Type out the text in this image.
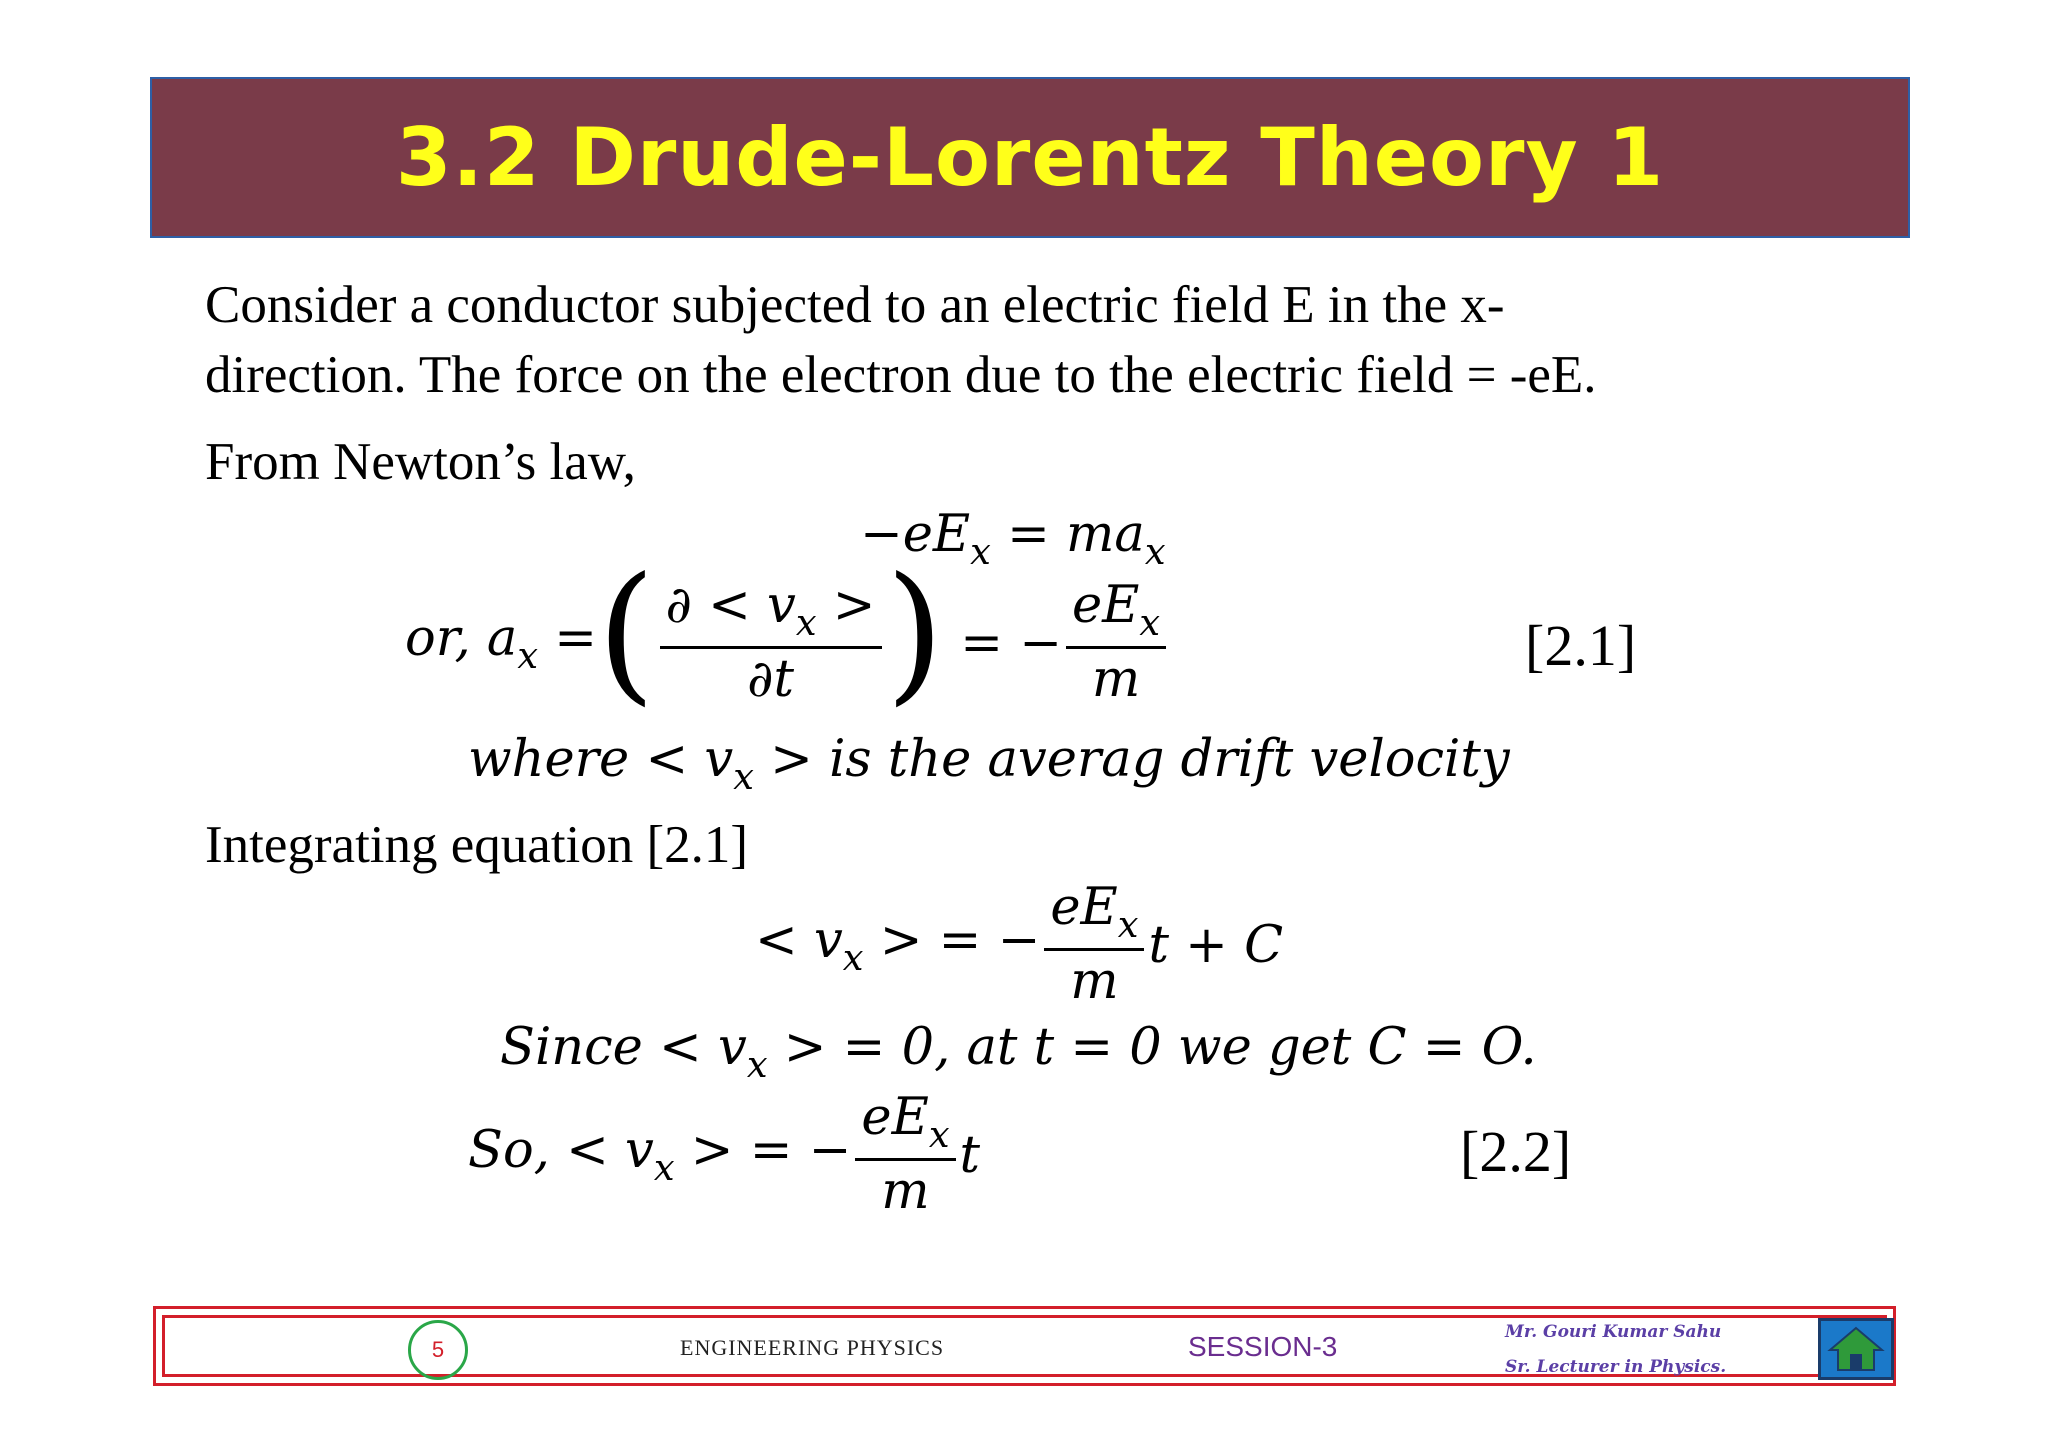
3.2 Drude-Lorentz Theory 1
Consider a conductor subjected to an electric field E in the x-
direction. The force on the electron due to the electric field = -eE.
From Newton’s law,
$-eE_x = ma_x$
or, $a_x$ = ( $\frac{\partial < v_x >}{\partial t}$ ) = − $\frac{eE_x}{m}$	[2.1]
where < $v_x$ > is the averag drift velocity
Integrating equation [2.1]
< $v_x$ > = − $\frac{eE_x}{m}$ t + C
Since < $v_x$ > = 0, at t = 0 we get C = O.
So, < $v_x$ > = − $\frac{eE_x}{m}$ t	[2.2]
5	ENGINEERING PHYSICS	SESSION-3	Mr. Gouri Kumar Sahu
Sr. Lecturer in Physics.
